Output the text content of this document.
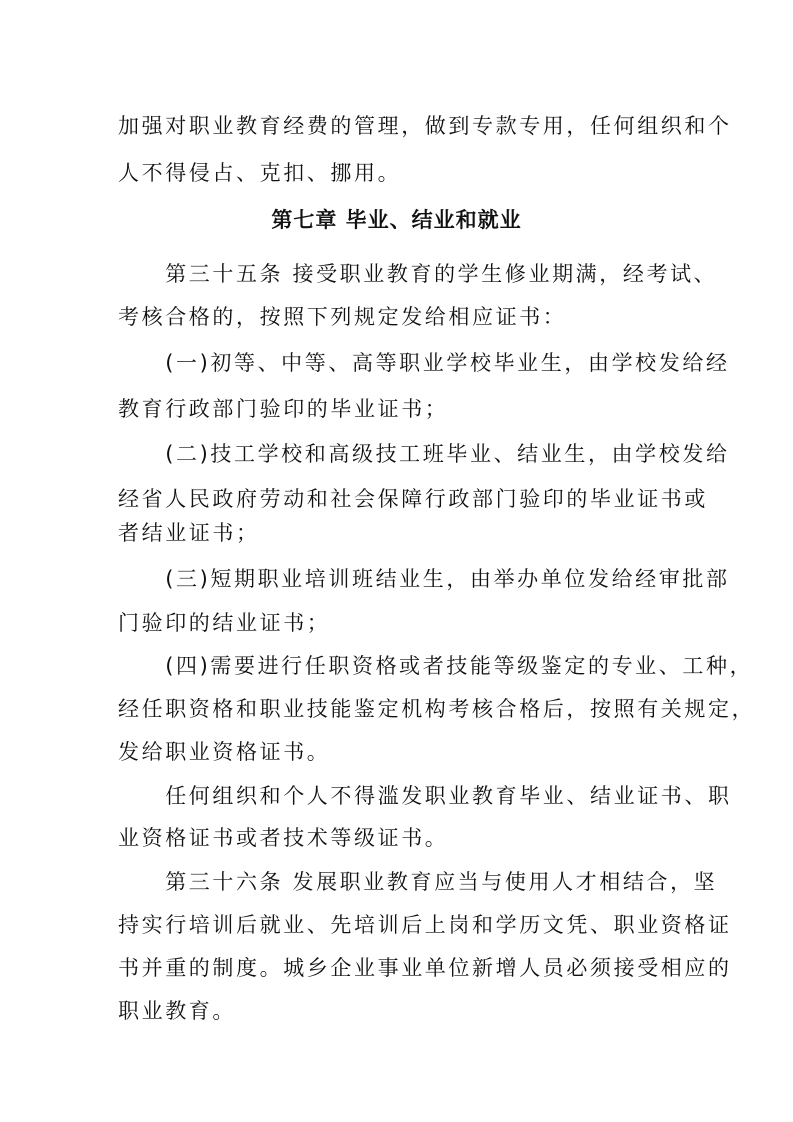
加强对职业教育经费的管理，做到专款专用，任何组织和个
人不得侵占、克扣、挪用。
第七章 毕业、结业和就业
　　第三十五条 接受职业教育的学生修业期满，经考试、
考核合格的，按照下列规定发给相应证书：
　　(一)初等、中等、高等职业学校毕业生，由学校发给经
教育行政部门验印的毕业证书；
　　(二)技工学校和高级技工班毕业、结业生，由学校发给
经省人民政府劳动和社会保障行政部门验印的毕业证书或
者结业证书；
　　(三)短期职业培训班结业生，由举办单位发给经审批部
门验印的结业证书；
　　(四)需要进行任职资格或者技能等级鉴定的专业、工种，
经任职资格和职业技能鉴定机构考核合格后，按照有关规定，
发给职业资格证书。
　　任何组织和个人不得滥发职业教育毕业、结业证书、职
业资格证书或者技术等级证书。
　　第三十六条 发展职业教育应当与使用人才相结合，坚
持实行培训后就业、先培训后上岗和学历文凭、职业资格证
书并重的制度。城乡企业事业单位新增人员必须接受相应的
职业教育。
